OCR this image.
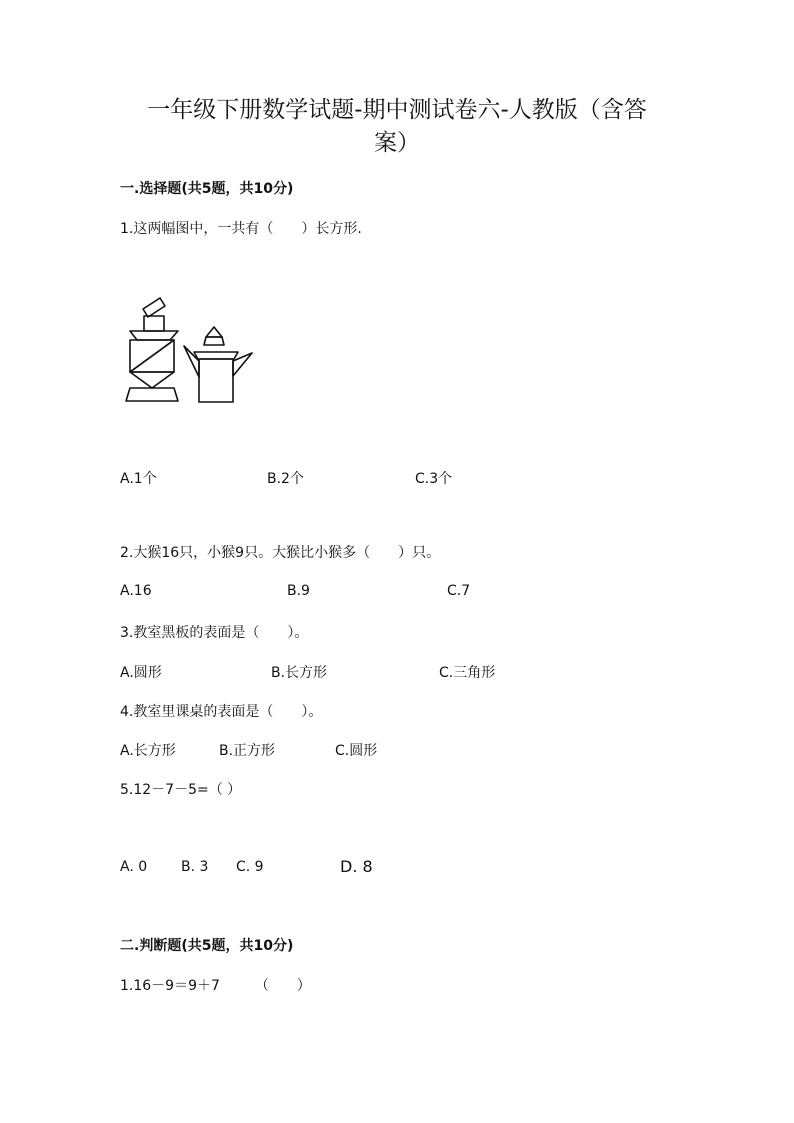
一年级下册数学试题-期中测试卷六-人教版（含答
案）
一.选择题(共5题，共10分)
1.这两幅图中，一共有（　　）长方形.
A.1个	B.2个	C.3个
2.大猴16只，小猴9只。大猴比小猴多（　　）只。
A.16	B.9	C.7
3.教室黑板的表面是（　　）。
A.圆形	B.长方形	C.三角形
4.教室里课桌的表面是（　　）。
A.长方形	B.正方形	C.圆形
5.12－7－5=（ ）
A. 0 B. 3 C. 9	D. 8
二.判断题(共5题，共10分)
1.16－9＝9＋7　　　（　　）
